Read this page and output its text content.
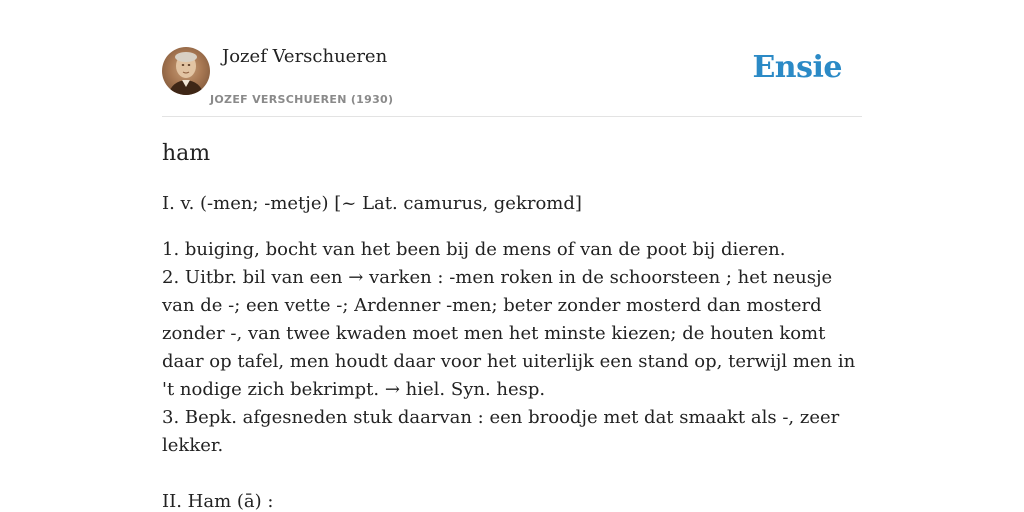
Jozef Verschueren
JOZEF VERSCHUEREN (1930)
Ensie
ham

I. v. (-men; -metje) [~ Lat. camurus, gekromd]

1. buiging, bocht van het been bij de mens of van de poot bij dieren.

2. Uitbr. bil van een → varken : -men roken in de schoorsteen ; het neusje van de -; een vette -; Ardenner -men; beter zonder mosterd dan mosterd zonder -, van twee kwaden moet men het minste kiezen; de houten komt daar op tafel, men houdt daar voor het uiterlijk een stand op, terwijl men in 't nodige zich bekrimpt. → hiel. Syn. hesp.

3. Bepk. afgesneden stuk daarvan : een broodje met dat smaakt als -, zeer lekker.

II. Ham (ā) :
